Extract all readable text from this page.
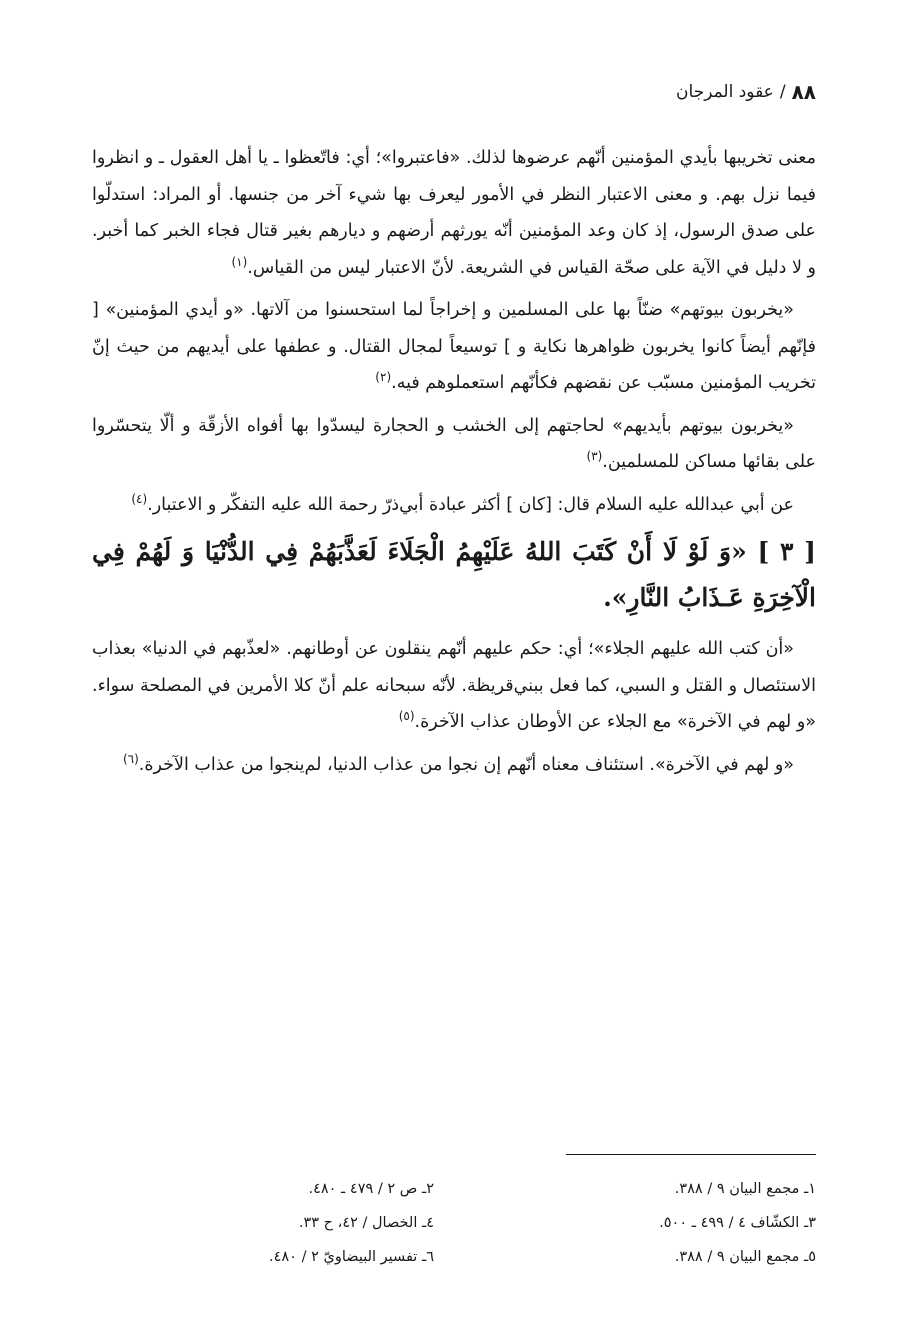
٨٨
/
عقود المرجان

معنى تخريبها بأيدي المؤمنين أنّهم عرضوها لذلك. «فاعتبروا»؛ أي: فاتّعظوا ـ يا أهل العقول ـ و انظروا فيما نزل بهم. و معنى الاعتبار النظر في الأمور ليعرف بها شيء آخر من جنسها. أو المراد: استدلّوا على صدق الرسول، إذ كان وعد المؤمنين أنّه يورثهم أرضهم و ديارهم بغير قتال فجاء الخبر كما أخبر. و لا دليل في الآية على صحّة القياس في الشريعة. لأنّ الاعتبار ليس من القياس.$^{(١)}$

«يخربون بيوتهم» ضنّاً بها على المسلمين و إخراجاً لما استحسنوا من آلاتها. «و أيدي المؤمنين» [ فإنّهم أيضاً كانوا يخربون ظواهرها نكاية و ] توسيعاً لمجال القتال. و عطفها على أيديهم من حيث إنّ تخريب المؤمنين مسبّب عن نقضهم فكأنّهم استعملوهم فيه.$^{(٢)}$

«يخربون بيوتهم بأيديهم» لحاجتهم إلى الخشب و الحجارة ليسدّوا بها أفواه الأزقّة و ألّا يتحسّروا على بقائها مساكن للمسلمين.$^{(٣)}$

عن أبي عبدالله عليه السلام قال: [كان ] أكثر عبادة أبي‌ذرّ رحمة الله عليه التفكّر و الاعتبار.$^{(٤)}$

[ ٣ ] «وَ لَوْ لَا أَنْ كَتَبَ اللهُ عَلَيْهِمُ الْجَلَاءَ لَعَذَّبَهُمْ فِي الدُّنْيَا وَ لَهُمْ فِي الْآخِرَةِ عَـذَابُ النَّارِ».

«أن كتب الله عليهم الجلاء»؛ أي: حكم عليهم أنّهم ينقلون عن أوطانهم. «لعذّبهم في الدنيا» بعذاب الاستئصال و القتل و السبي، كما فعل ببني‌قريظة. لأنّه سبحانه علم أنّ كلا الأمرين في المصلحة سواء. «و لهم في الآخرة» مع الجلاء عن الأوطان عذاب الآخرة.$^{(٥)}$

«و لهم في الآخرة». استئناف معناه أنّهم إن نجوا من عذاب الدنيا، لم‌ينجوا من عذاب الآخرة.$^{(٦)}$

١ـ مجمع البيان ٩ / ٣٨٨.
٢ـ ص ٢ / ٤٧٩ ـ ٤٨٠.
٣ـ الكشّاف ٤ / ٤٩٩ ـ ٥٠٠.
٤ـ الخصال / ٤٢، ح ٣٣.
٥ـ مجمع البيان ٩ / ٣٨٨.
٦ـ تفسير البيضاويّ ٢ / ٤٨٠.
